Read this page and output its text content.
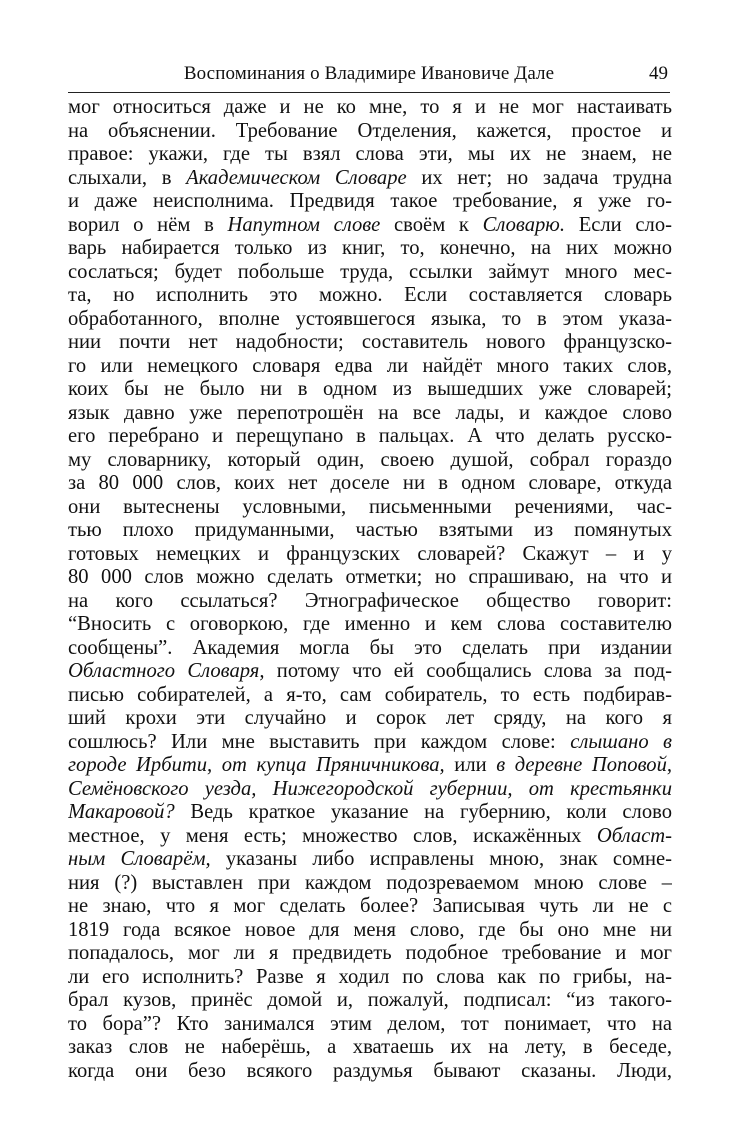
Воспоминания о Владимире Ивановиче Дале	49
мог относиться даже и не ко мне, то я и не мог настаивать
на объяснении. Требование Отделения, кажется, простое и
правое: укажи, где ты взял слова эти, мы их не знаем, не
слыхали, в Академическом Словаре их нет; но задача трудна
и даже неисполнима. Предвидя такое требование, я уже го-
ворил о нём в Напутном слове своём к Словарю. Если сло-
варь набирается только из книг, то, конечно, на них можно
сослаться; будет побольше труда, ссылки займут много мес-
та, но исполнить это можно. Если составляется словарь
обработанного, вполне устоявшегося языка, то в этом указа-
нии почти нет надобности; составитель нового французско-
го или немецкого словаря едва ли найдёт много таких слов,
коих бы не было ни в одном из вышедших уже словарей;
язык давно уже перепотрошён на все лады, и каждое слово
его перебрано и перещупано в пальцах. А что делать русско-
му словарнику, который один, своею душой, собрал гораздо
за 80 000 слов, коих нет доселе ни в одном словаре, откуда
они вытеснены условными, письменными речениями, час-
тью плохо придуманными, частью взятыми из помянутых
готовых немецких и французских словарей? Скажут – и у
80 000 слов можно сделать отметки; но спрашиваю, на что и
на кого ссылаться? Этнографическое общество говорит:
“Вносить с оговоркою, где именно и кем слова составителю
сообщены”. Академия могла бы это сделать при издании
Областного Словаря, потому что ей сообщались слова за под-
писью собирателей, а я-то, сам собиратель, то есть подбирав-
ший крохи эти случайно и сорок лет сряду, на кого я
сошлюсь? Или мне выставить при каждом слове: слышано в
городе Ирбити, от купца Пряничникова, или в деревне Поповой,
Семёновского уезда, Нижегородской губернии, от крестьянки
Макаровой? Ведь краткое указание на губернию, коли слово
местное, у меня есть; множество слов, искажённых Област-
ным Словарём, указаны либо исправлены мною, знак сомне-
ния (?) выставлен при каждом подозреваемом мною слове –
не знаю, что я мог сделать более? Записывая чуть ли не с
1819 года всякое новое для меня слово, где бы оно мне ни
попадалось, мог ли я предвидеть подобное требование и мог
ли его исполнить? Разве я ходил по слова как по грибы, на-
брал кузов, принёс домой и, пожалуй, подписал: “из такого-
то бора”? Кто занимался этим делом, тот понимает, что на
заказ слов не наберёшь, а хватаешь их на лету, в беседе,
когда они безо всякого раздумья бывают сказаны. Люди,
